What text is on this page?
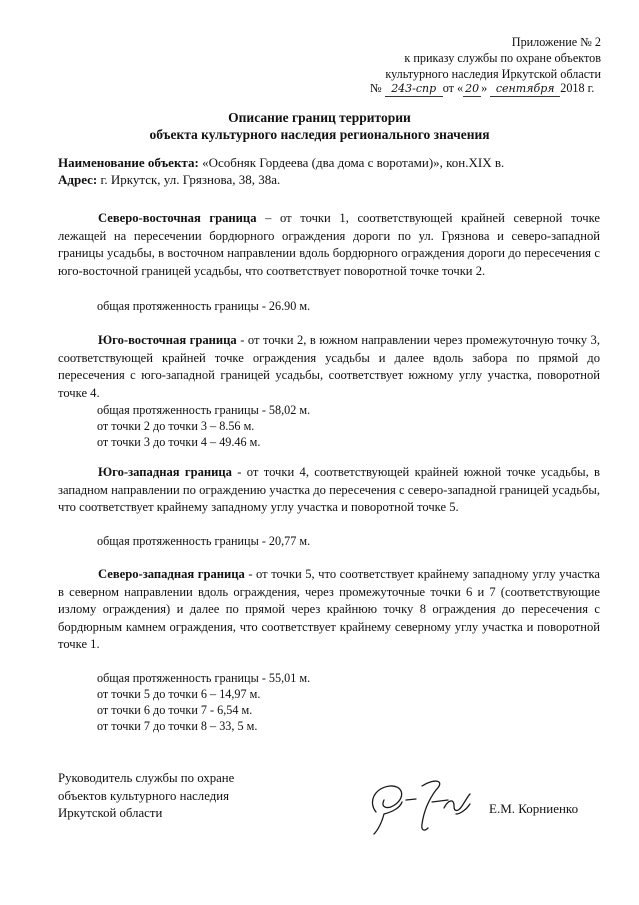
Приложение № 2
к приказу службы по охране объектов
культурного наследия Иркутской области
№ 243-спр от « 20 » сентября 2018 г.
Описание границ территории
объекта культурного наследия регионального значения
Наименование объекта: «Особняк Гордеева (два дома с воротами)», кон.XIX в.
Адрес: г. Иркутск, ул. Грязнова, 38, 38а.
Северо-восточная граница – от точки 1, соответствующей крайней северной точке лежащей на пересечении бордюрного ограждения дороги по ул. Грязнова и северо-западной границы усадьбы, в восточном направлении вдоль бордюрного ограждения дороги до пересечения с юго-восточной границей усадьбы, что соответствует поворотной точке точки 2.
общая протяженность границы - 26.90 м.
Юго-восточная граница - от точки 2, в южном направлении через промежуточную точку 3, соответствующей крайней точке ограждения усадьбы и далее вдоль забора по прямой до пересечения с юго-западной границей усадьбы, соответствует южному углу участка, поворотной точке 4.
общая протяженность границы - 58,02 м.
от точки 2 до точки 3 – 8.56 м.
от точки 3 до точки 4 – 49.46 м.
Юго-западная граница - от точки 4, соответствующей крайней южной точке усадьбы, в западном направлении по ограждению участка до пересечения с северо-западной границей усадьбы, что соответствует крайнему западному углу участка и поворотной точке 5.
общая протяженность границы - 20,77 м.
Северо-западная граница - от точки 5, что соответствует крайнему западному углу участка в северном направлении вдоль ограждения, через промежуточные точки 6 и 7 (соответствующие излому ограждения) и далее по прямой через крайнюю точку 8 ограждения до пересечения с бордюрным камнем ограждения, что соответствует крайнему северному углу участка и поворотной точке 1.
общая протяженность границы - 55,01 м.
от точки 5 до точки 6 – 14,97 м.
от точки 6 до точки 7 - 6,54 м.
от точки 7 до точки 8 – 33, 5 м.
Руководитель службы по охране
объектов культурного наследия
Иркутской области	Е.М. Корниенко
